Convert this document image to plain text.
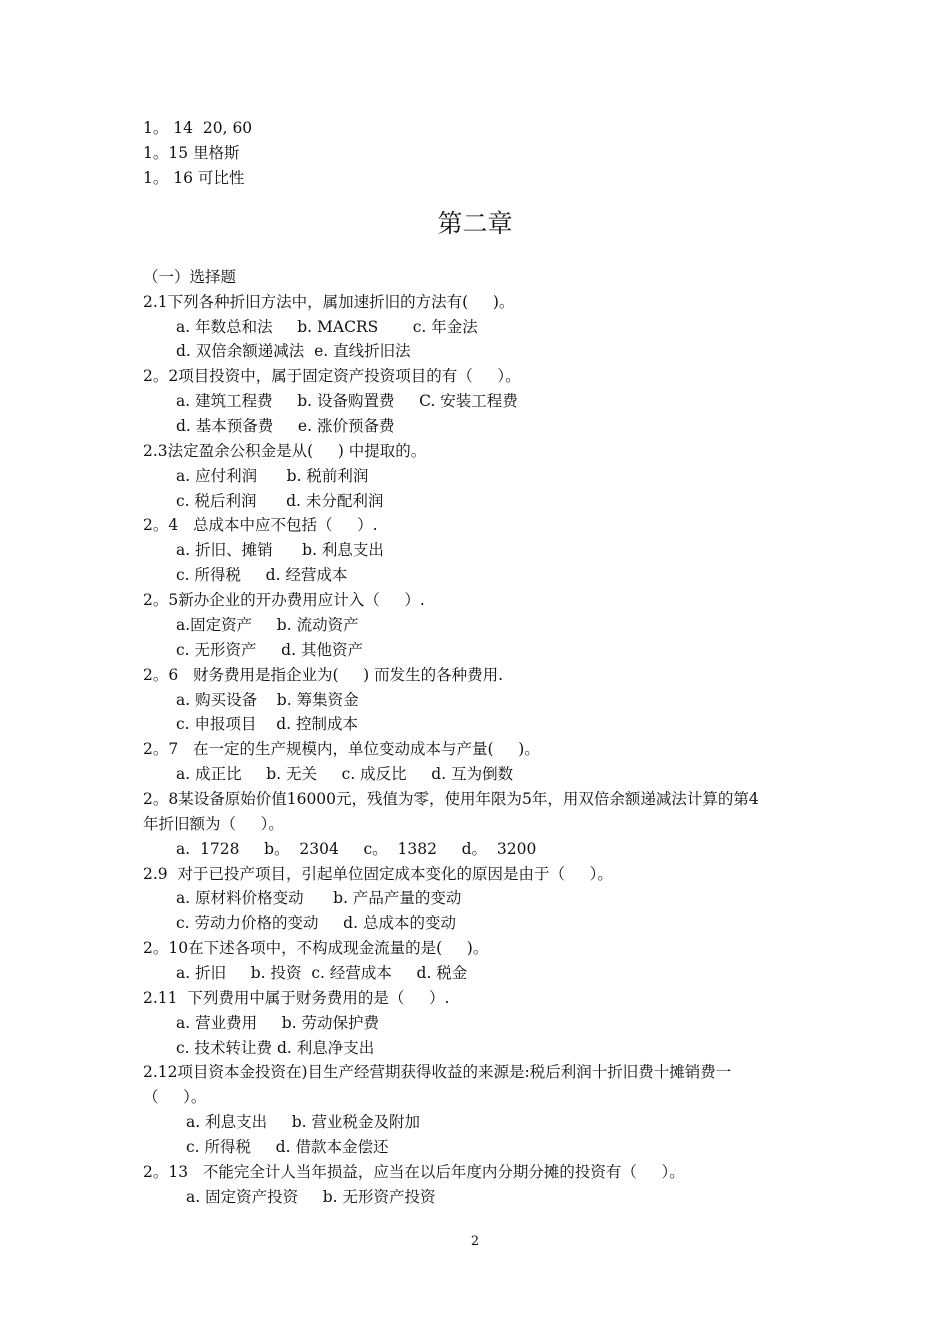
1。 14  20, 60
1。15 里格斯
1。 16 可比性
第二章
（一）选择题
2.1下列各种折旧方法中，属加速折旧的方法有(     )。
a. 年数总和法     b. MACRS       c. 年金法
d. 双倍余额递减法  e. 直线折旧法
2。2项目投资中，属于固定资产投资项目的有（     ）。
a. 建筑工程费     b. 设备购置费     C. 安装工程费
d. 基本预备费     e. 涨价预备费
2.3法定盈余公积金是从(     ) 中提取的。
a. 应付利润      b. 税前利润
c. 税后利润      d. 未分配利润
2。4   总成本中应不包括（     ）.
a. 折旧、摊销      b. 利息支出
c. 所得税     d. 经营成本
2。5新办企业的开办费用应计入（     ）.
a.固定资产     b. 流动资产
c. 无形资产     d. 其他资产
2。6   财务费用是指企业为(     ) 而发生的各种费用.
a. 购买设备    b. 筹集资金
c. 申报项目    d. 控制成本
2。7   在一定的生产规模内，单位变动成本与产量(     )。
a. 成正比     b. 无关     c. 成反比     d. 互为倒数
2。8某设备原始价值16000元，残值为零，使用年限为5年，用双倍余额递减法计算的第4
年折旧额为（     ）。
a.  1728     b。  2304     c。  1382     d。  3200
2.9  对于已投产项目，引起单位固定成本变化的原因是由于（     ）。
a. 原材料价格变动      b. 产品产量的变动
c. 劳动力价格的变动     d. 总成本的变动
2。10在下述各项中，不构成现金流量的是(     )。
a. 折旧     b. 投资  c. 经营成本     d. 税金
2.11  下列费用中属于财务费用的是（     ）.
a. 营业费用     b. 劳动保护费
c. 技术转让费 d. 利息净支出
2.12项目资本金投资在)目生产经营期获得收益的来源是:税后利润十折旧费十摊销费一
（     ）。
a. 利息支出     b. 营业税金及附加
c. 所得税     d. 借款本金偿还
2。13   不能完全计人当年损益，应当在以后年度内分期分摊的投资有（     ）。
a. 固定资产投资     b. 无形资产投资
2
